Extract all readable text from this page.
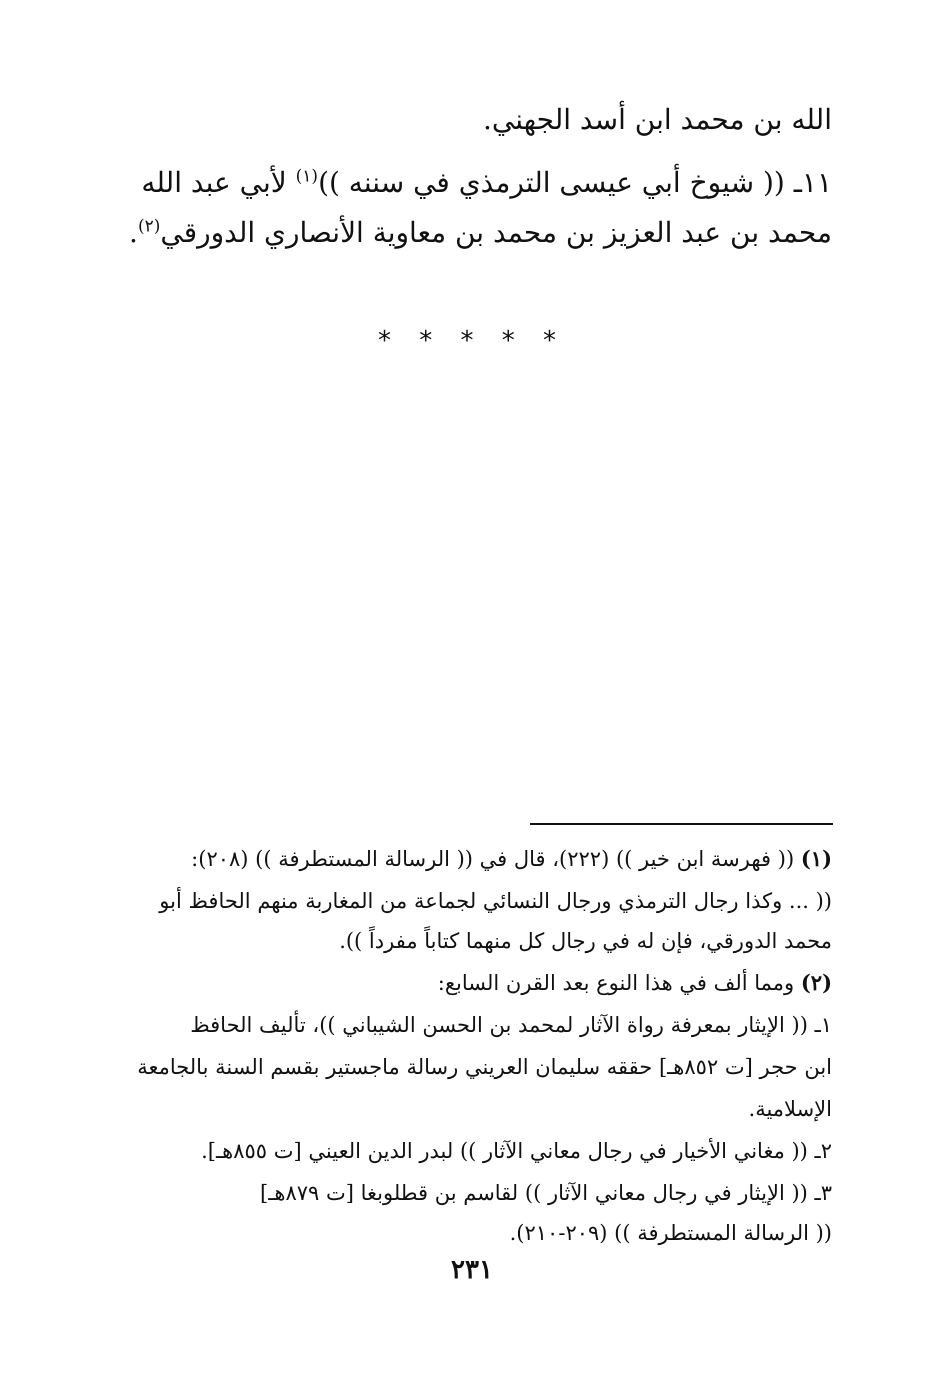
الله بن محمد ابن أسد الجهني.
١١ـ (( شيوخ أبي عيسى الترمذي في سننه ))$^{(١)}$ لأبي عبد الله
محمد بن عبد العزيز بن محمد بن معاوية الأنصاري الدورقي$^{(٢)}$.
* * * * *
(١) (( فهرسة ابن خير )) (٢٢٢)، قال في (( الرسالة المستطرفة )) (٢٠٨):
(( ... وكذا رجال الترمذي ورجال النسائي لجماعة من المغاربة منهم الحافظ أبو
محمد الدورقي، فإن له في رجال كل منهما كتاباً مفرداً )).
(٢) ومما ألف في هذا النوع بعد القرن السابع:
١ـ (( الإيثار بمعرفة رواة الآثار لمحمد بن الحسن الشيباني ))، تأليف الحافظ
ابن حجر [ت ٨٥٢هـ] حققه سليمان العريني رسالة ماجستير بقسم السنة بالجامعة
الإسلامية.
٢ـ (( مغاني الأخيار في رجال معاني الآثار )) لبدر الدين العيني [ت ٨٥٥هـ].
٣ـ (( الإيثار في رجال معاني الآثار )) لقاسم بن قطلوبغا [ت ٨٧٩هـ]
(( الرسالة المستطرفة )) (٢٠٩-٢١٠).
٢٣١
